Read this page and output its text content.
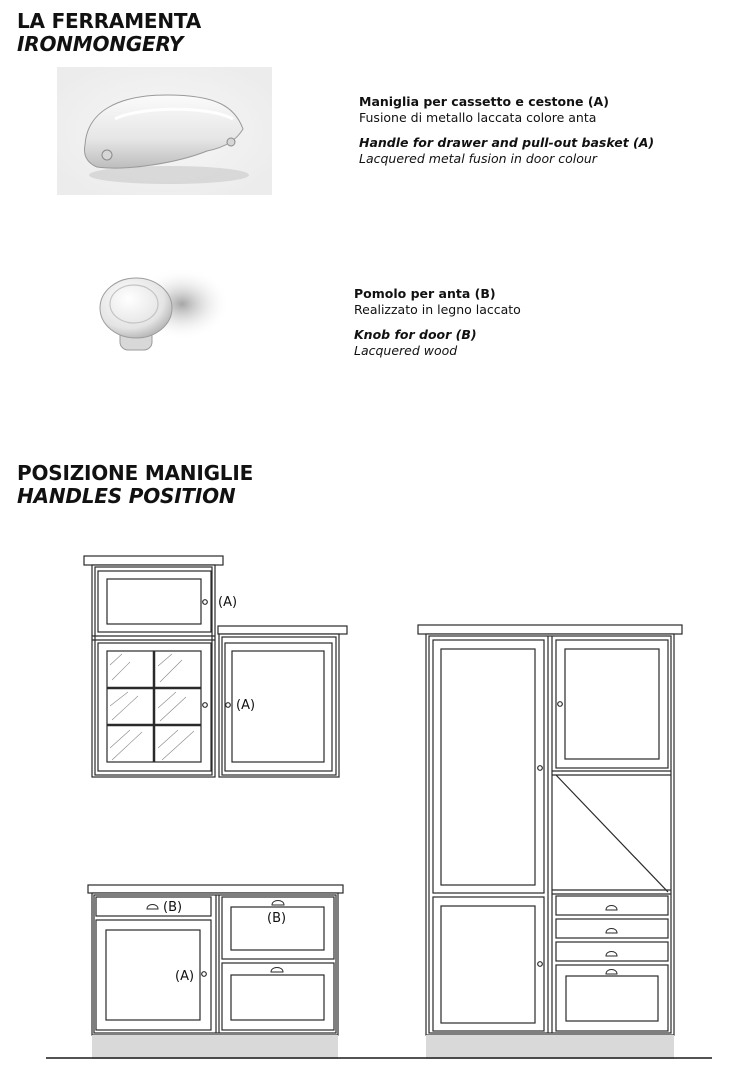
LA FERRAMENTA
IRONMONGERY
Maniglia per cassetto e cestone (A)
Fusione di metallo laccata colore anta
Handle for drawer and pull-out basket (A)
Lacquered metal fusion in door colour
Pomolo per anta (B)
Realizzato in legno laccato
Knob for door (B)
Lacquered wood
POSIZIONE MANIGLIE
HANDLES POSITION
(A)
(A)
(B)
(B)
(A)
